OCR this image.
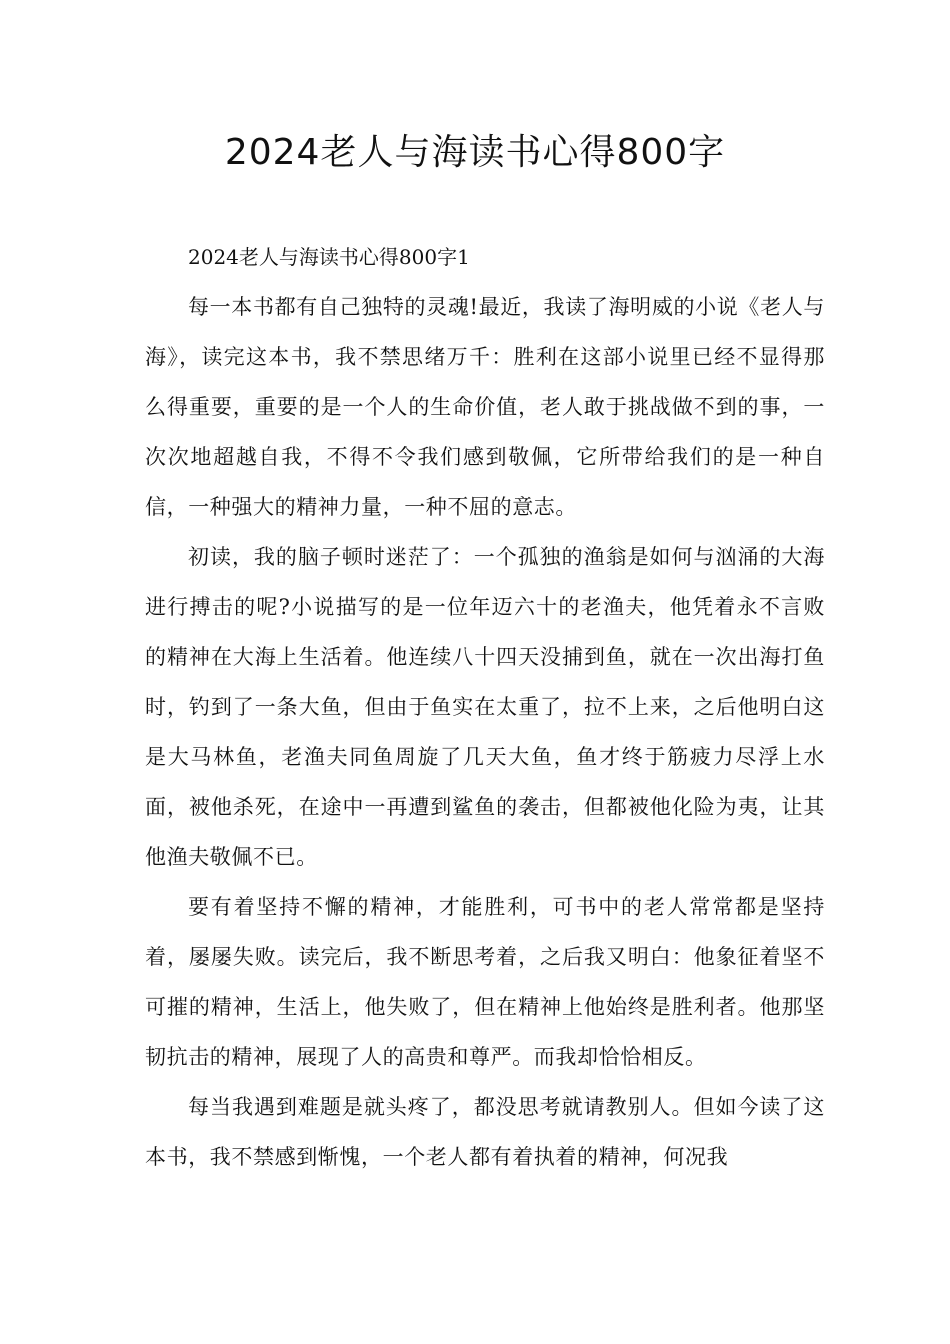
2024老人与海读书心得800字

2024老人与海读书心得800字1

每一本书都有自己独特的灵魂!最近，我读了海明威的小说《老人与海》，读完这本书，我不禁思绪万千：胜利在这部小说里已经不显得那么得重要，重要的是一个人的生命价值，老人敢于挑战做不到的事，一次次地超越自我，不得不令我们感到敬佩，它所带给我们的是一种自信，一种强大的精神力量，一种不屈的意志。

初读，我的脑子顿时迷茫了：一个孤独的渔翁是如何与汹涌的大海进行搏击的呢?小说描写的是一位年迈六十的老渔夫，他凭着永不言败的精神在大海上生活着。他连续八十四天没捕到鱼，就在一次出海打鱼时，钓到了一条大鱼，但由于鱼实在太重了，拉不上来，之后他明白这是大马林鱼，老渔夫同鱼周旋了几天大鱼，鱼才终于筋疲力尽浮上水面，被他杀死，在途中一再遭到鲨鱼的袭击，但都被他化险为夷，让其他渔夫敬佩不已。

要有着坚持不懈的精神，才能胜利，可书中的老人常常都是坚持着，屡屡失败。读完后，我不断思考着，之后我又明白：他象征着坚不可摧的精神，生活上，他失败了，但在精神上他始终是胜利者。他那坚韧抗击的精神，展现了人的高贵和尊严。而我却恰恰相反。

每当我遇到难题是就头疼了，都没思考就请教别人。但如今读了这本书，我不禁感到惭愧，一个老人都有着执着的精神，何况我
